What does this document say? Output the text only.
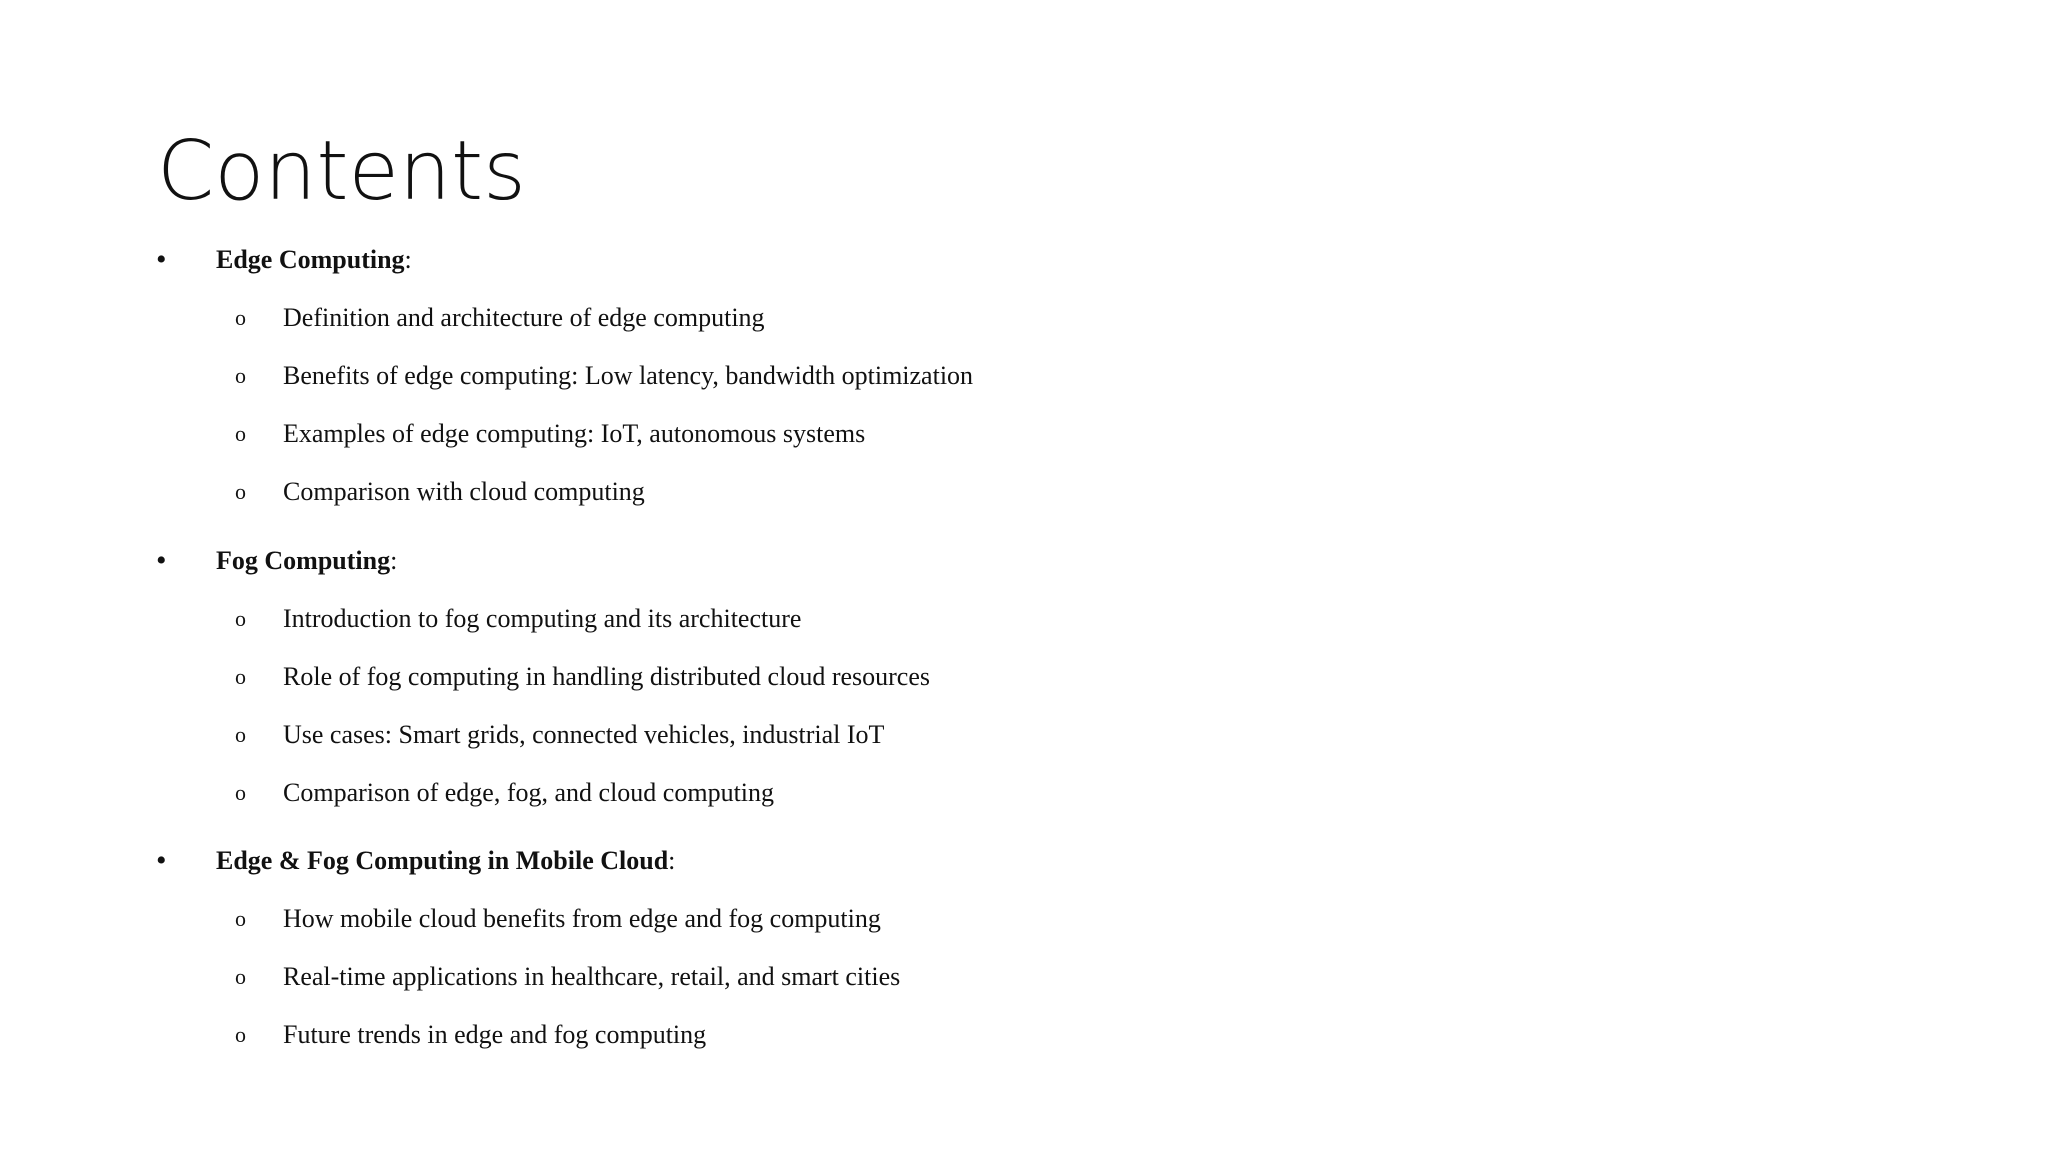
Contents
• Edge Computing:
o Definition and architecture of edge computing
o Benefits of edge computing: Low latency, bandwidth optimization
o Examples of edge computing: IoT, autonomous systems
o Comparison with cloud computing
• Fog Computing:
o Introduction to fog computing and its architecture
o Role of fog computing in handling distributed cloud resources
o Use cases: Smart grids, connected vehicles, industrial IoT
o Comparison of edge, fog, and cloud computing
• Edge & Fog Computing in Mobile Cloud:
o How mobile cloud benefits from edge and fog computing
o Real-time applications in healthcare, retail, and smart cities
o Future trends in edge and fog computing
